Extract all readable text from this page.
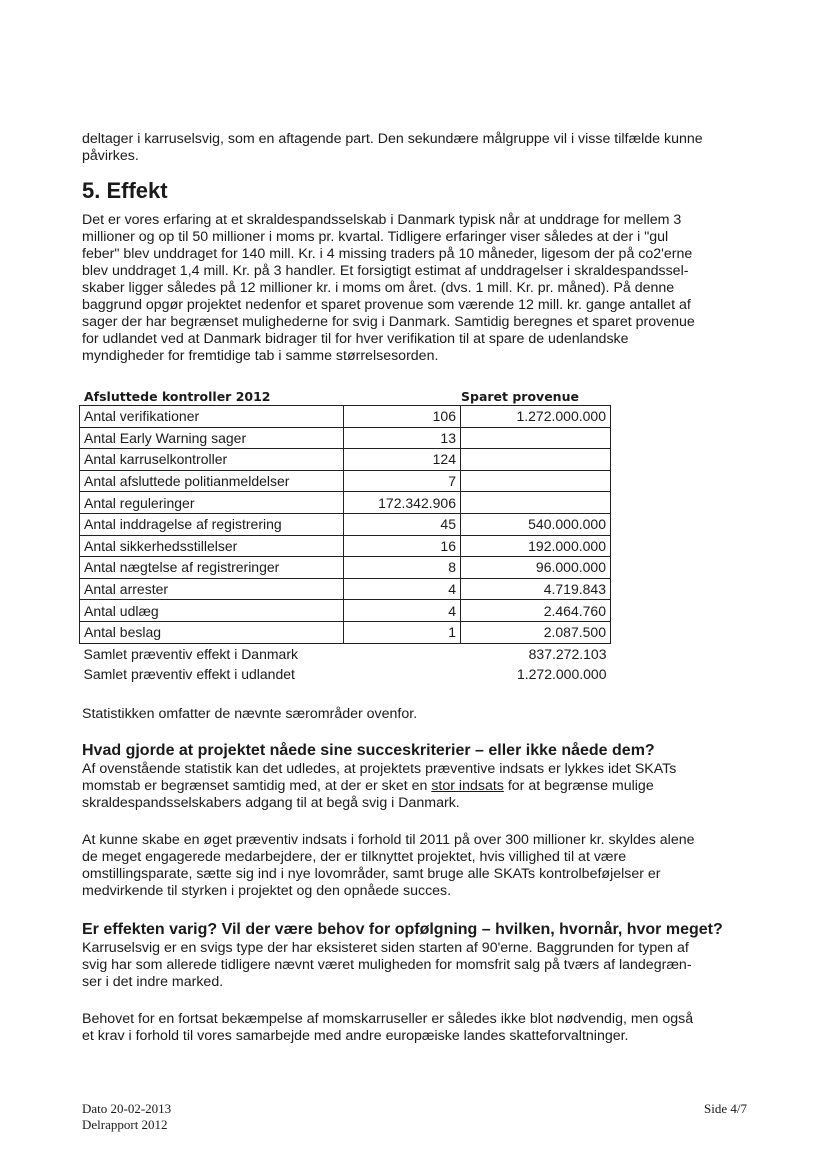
deltager i karruselsvig, som en aftagende part. Den sekundære målgruppe vil i visse tilfælde kunne
påvirkes.

5. Effekt

Det er vores erfaring at et skraldespandsselskab i Danmark typisk når at unddrage for mellem 3
millioner og op til 50 millioner i moms pr. kvartal. Tidligere erfaringer viser således at der i "gul
feber" blev unddraget for 140 mill. Kr. i 4 missing traders på 10 måneder, ligesom der på co2'erne
blev unddraget 1,4 mill. Kr. på 3 handler. Et forsigtigt estimat af unddragelser i skraldespandssel-
skaber ligger således på 12 millioner kr. i moms om året. (dvs. 1 mill. Kr. pr. måned). På denne
baggrund opgør projektet nedenfor et sparet provenue som værende 12 mill. kr. gange antallet af
sager der har begrænset mulighederne for svig i Danmark. Samtidig beregnes et sparet provenue
for udlandet ved at Danmark bidrager til for hver verifikation til at spare de udenlandske
myndigheder for fremtidige tab i samme størrelsesorden.

Afsluttede kontroller 2012	Sparet provenue
Antal verifikationer	106	1.272.000.000
Antal Early Warning sager	13	
Antal karruselkontroller	124	
Antal afsluttede politianmeldelser	7	
Antal reguleringer	172.342.906	
Antal inddragelse af registrering	45	540.000.000
Antal sikkerhedsstillelser	16	192.000.000
Antal nægtelse af registreringer	8	96.000.000
Antal arrester	4	4.719.843
Antal udlæg	4	2.464.760
Antal beslag	1	2.087.500
Samlet præventiv effekt i Danmark		837.272.103
Samlet præventiv effekt i udlandet		1.272.000.000

Statistikken omfatter de nævnte særområder ovenfor.

Hvad gjorde at projektet nåede sine succeskriterier – eller ikke nåede dem?

Af ovenstående statistik kan det udledes, at projektets præventive indsats er lykkes idet SKATs
momstab er begrænset samtidig med, at der er sket en stor indsats for at begrænse mulige
skraldespandsselskabers adgang til at begå svig i Danmark.

At kunne skabe en øget præventiv indsats i forhold til 2011 på over 300 millioner kr. skyldes alene
de meget engagerede medarbejdere, der er tilknyttet projektet, hvis villighed til at være
omstillingsparate, sætte sig ind i nye lovområder, samt bruge alle SKATs kontrolbeføjelser er
medvirkende til styrken i projektet og den opnåede succes.

Er effekten varig? Vil der være behov for opfølgning – hvilken, hvornår, hvor meget?

Karruselsvig er en svigs type der har eksisteret siden starten af 90'erne. Baggrunden for typen af
svig har som allerede tidligere nævnt været muligheden for momsfrit salg på tværs af landegræn-
ser i det indre marked.

Behovet for en fortsat bekæmpelse af momskarruseller er således ikke blot nødvendig, men også
et krav i forhold til vores samarbejde med andre europæiske landes skatteforvaltninger.

Dato 20-02-2013
Delrapport 2012
Side 4/7
